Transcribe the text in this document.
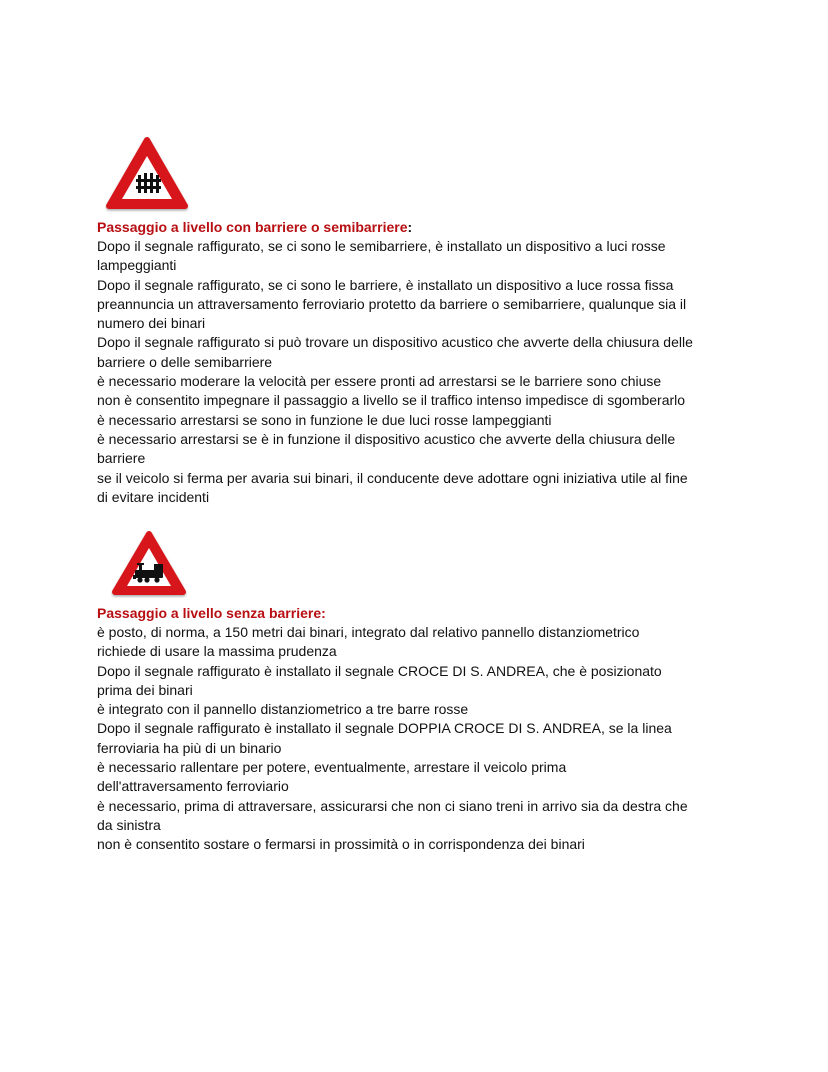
Passaggio a livello con barriere o semibarriere:

Dopo il segnale raffigurato, se ci sono le semibarriere, è installato un dispositivo a luci rosse

lampeggianti

Dopo il segnale raffigurato, se ci sono le barriere, è installato un dispositivo a luce rossa fissa

preannuncia un attraversamento ferroviario protetto da barriere o semibarriere, qualunque sia il

numero dei binari

Dopo il segnale raffigurato si può trovare un dispositivo acustico che avverte della chiusura delle

barriere o delle semibarriere

è necessario moderare la velocità per essere pronti ad arrestarsi se le barriere sono chiuse

non è consentito impegnare il passaggio a livello se il traffico intenso impedisce di sgomberarlo

è necessario arrestarsi se sono in funzione le due luci rosse lampeggianti

è necessario arrestarsi se è in funzione il dispositivo acustico che avverte della chiusura delle

barriere

se il veicolo si ferma per avaria sui binari, il conducente deve adottare ogni iniziativa utile al fine

di evitare incidenti

Passaggio a livello senza barriere:

è posto, di norma, a 150 metri dai binari, integrato dal relativo pannello distanziometrico

richiede di usare la massima prudenza

Dopo il segnale raffigurato è installato il segnale CROCE DI S. ANDREA, che è posizionato

prima dei binari

è integrato con il pannello distanziometrico a tre barre rosse

Dopo il segnale raffigurato è installato il segnale DOPPIA CROCE DI S. ANDREA, se la linea

ferroviaria ha più di un binario

è necessario rallentare per potere, eventualmente, arrestare il veicolo prima

dell'attraversamento ferroviario

è necessario, prima di attraversare, assicurarsi che non ci siano treni in arrivo sia da destra che

da sinistra

non è consentito sostare o fermarsi in prossimità o in corrispondenza dei binari
